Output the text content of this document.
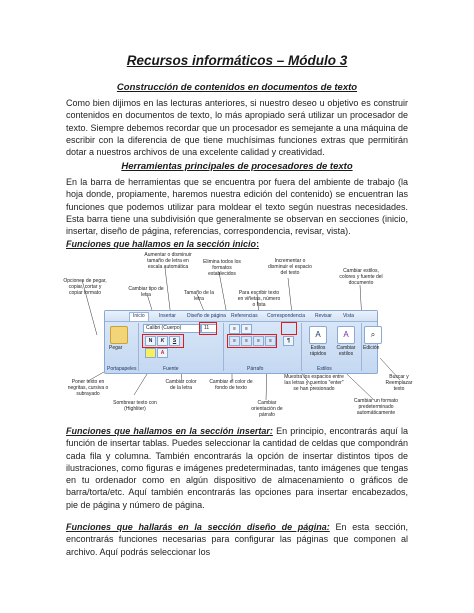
Recursos informáticos – Módulo 3
Construcción de contenidos en documentos de texto
Como bien dijimos en las lecturas anteriores, si nuestro deseo u objetivo es construir contenidos en documentos de texto, lo más apropiado será utilizar un procesador de texto. Siempre debemos recordar que un procesador es semejante a una máquina de escribir con la diferencia de que tiene muchísimas funciones extras que permitirán dotar a nuestros archivos de una excelente calidad y creatividad.
Herramientas principales de procesadores de texto
En la barra de herramientas que se encuentra por fuera del ambiente de trabajo (la hoja donde, propiamente, haremos nuestra edición del contenido) se encuentran las funciones que podemos utilizar para moldear el texto según nuestras necesidades. Esta barra tiene una subdivisión que generalmente se observan en secciones (inicio, insertar, diseño de página, referencias, correspondencia, revisar, vista).
Funciones que hallamos en la sección inicio:
Opciones de pegar, copiar, cortar y copiar formato
Aumentar o disminuir tamaño de letra en escala automática
Elimina todos los formatos establecidos
Incrementar o disminuir el espacio del texto
Cambiar tipo de letra	Tamaño de la letra
Para escribir texto en viñetas, número o lista
Cambiar estilos, colores y fuente del documento
Inicio	Insertar Diseño de página Referencias Correspondencia Revisar Vista
Pegar
Portapapeles
Calibri (Cuerpo)	11
N	K	S
A
Fuente
≡	≡
≡	≡	≡	≡	¶
Párrafo
A
Estilos rápidos
A
Cambiar estilos
Estilos
⌕
Edición
Poner texto en negritas, cursiva o subrayado
Sombrear texto con (Highliter)
Cambiar color de la letra
Cambiar el color de fondo de texto
Cambiar orientación de párrafo
Muestra los espacios entre las letras y cuentos "enter" se han presionado
Cambiar un formato predeterminado automáticamente
Buscar y Reemplazar texto
Funciones que hallamos en la sección insertar: En principio, encontrarás aquí la función de insertar tablas. Puedes seleccionar la cantidad de celdas que compondrán cada fila y columna. También encontrarás la opción de insertar distintos tipos de ilustraciones, como figuras e imágenes predeterminadas, tanto imágenes que tengas en tu ordenador como en algún dispositivo de almacenamiento o gráficos de barra/torta/etc. Aquí también encontrarás las opciones para insertar encabezados, pie de página y número de página.
Funciones que hallarás en la sección diseño de página: En esta sección, encontrarás funciones necesarias para configurar las páginas que componen al archivo. Aquí podrás seleccionar los
